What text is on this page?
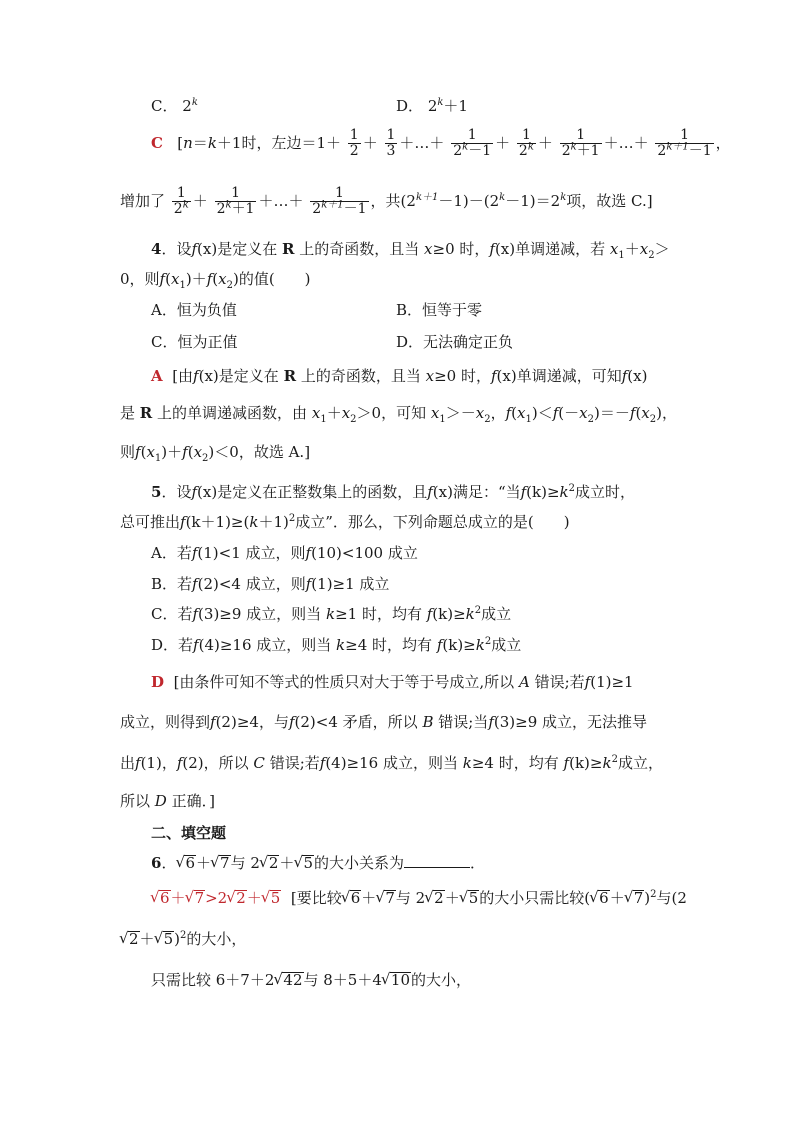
C． 2$^k$	D． $2^k+1$
C [n＝k＋1时，左边$=1+ \frac{1}{2} + \frac{1}{3}$ ＋…＋ $\frac{1}{2^k-1} + \frac{1}{2^k} + \frac{1}{2^k+1}$ ＋…＋ $\frac{1}{2^{k+1}-1}$ ，
增加了 $\frac{1}{2^k} + \frac{1}{2^k+1}$ ＋…＋ $\frac{1}{2^{k+1}-1}$ ，共$(2^{k+1}-1)-(2^k-1)=2^k$项，故选 C.]
4．设f(x)是定义在 R 上的奇函数，且当 x≥0 时，f(x)单调递减，若 $x_1+x_2>$
0，则$f(x_1)+f(x_2)$的值(　　)
A．恒为负值	B．恒等于零
C．恒为正值	D．无法确定正负
A [由f(x)是定义在 R 上的奇函数，且当 x≥0 时，f(x)单调递减，可知f(x)
是 R 上的单调递减函数，由 $x_1+x_2>0$，可知 $x_1>-x_2$，$f(x_1)<f(-x_2)=-f(x_2)$，
则$f(x_1)+f(x_2)<0$，故选 A.]
5．设f(x)是定义在正整数集上的函数，且f(x)满足：“当$f(k)\ge k^2$成立时，
总可推出$f(k+1)\ge(k+1)^2$成立”．那么，下列命题总成立的是(　　)
A．若f(1)<1 成立，则f(10)<100 成立
B．若f(2)<4 成立，则f(1)≥1 成立
C．若f(3)≥9 成立，则当 k≥1 时，均有 $f(k)\ge k^2$成立
D．若f(4)≥16 成立，则当 k≥4 时，均有 $f(k)\ge k^2$成立
D [由条件可知不等式的性质只对大于等于号成立,所以 A 错误;若f(1)≥1
成立，则得到f(2)≥4，与f(2)<4 矛盾，所以 B 错误;当f(3)≥9 成立，无法推导
出f(1)，f(2)，所以 C 错误;若f(4)≥16 成立，则当 k≥4 时，均有 $f(k)\ge k^2$成立，
所以 D 正确．]
二、填空题
6． √ 6＋ √ 7与 2 √ 2＋ √ 5的大小关系为	．
√ 6＋ √ 7>2 √ 2＋ √ 5 [要比较 √ 6＋ √ 7与 2 √ 2＋ √ 5的大小只需比较( √ 6＋ √ 7)$^2$与(2
√ 2＋ √ 5)$^2$的大小，
只需比较 6＋7＋2 √ 42与 8＋5＋4 √ 10的大小，
